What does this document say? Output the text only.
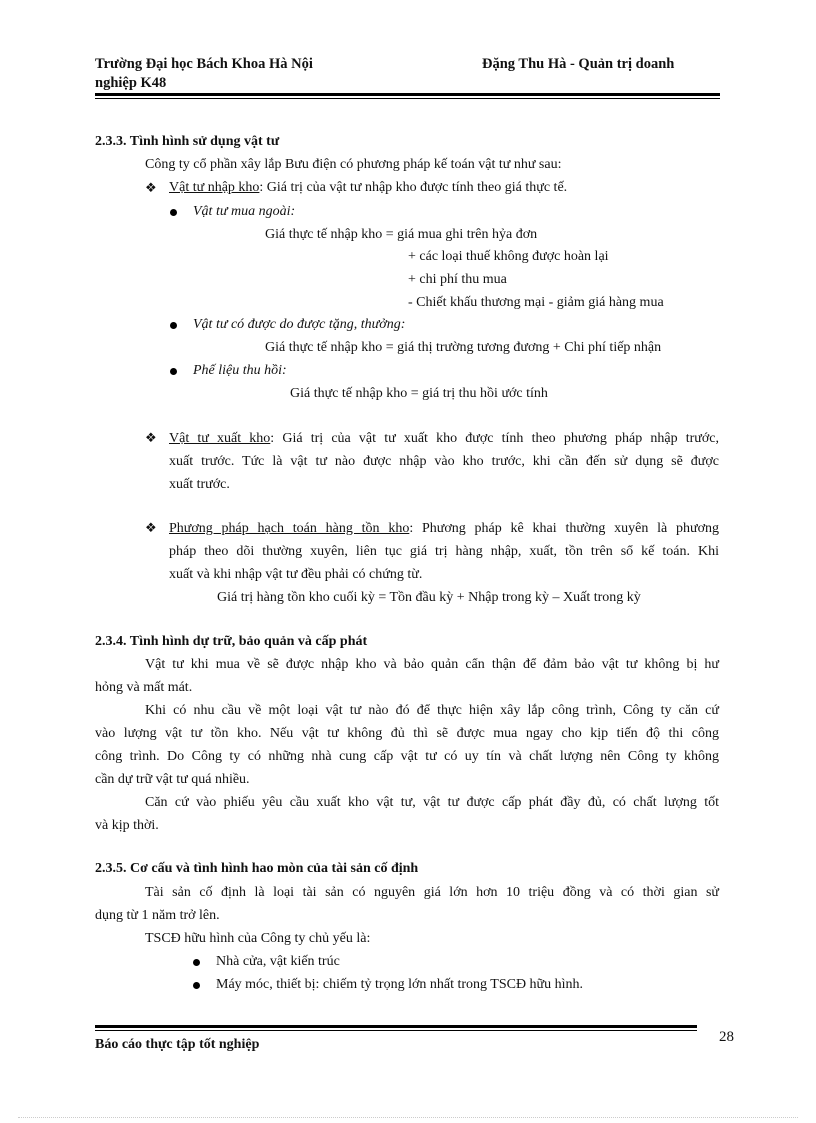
Trường Đại học Bách Khoa Hà Nội	Đặng Thu Hà - Quản trị doanh
nghiệp K48
2.3.3. Tình hình sử dụng vật tư
Công ty cổ phần xây lắp Bưu điện có phương pháp kế toán vật tư như sau:
❖ Vật tư nhập kho: Giá trị của vật tư nhập kho được tính theo giá thực tế.
Vật tư mua ngoài:
Giá thực tế nhập kho = giá mua ghi trên hỷa đơn
+ các loại thuế không được hoàn lại
+ chi phí thu mua
- Chiết khấu thương mại - giảm giá hàng mua
Vật tư có được do được tặng, thưởng:
Giá thực tế nhập kho = giá thị trường tương đương + Chi phí tiếp nhận
Phế liệu thu hồi:
Giá thực tế nhập kho = giá trị thu hồi ước tính
❖ Vật tư xuất kho: Giá trị của vật tư xuất kho được tính theo phương pháp nhập trước,
xuất trước. Tức là vật tư nào được nhập vào kho trước, khi cần đến sử dụng sẽ được
xuất trước.
❖ Phương pháp hạch toán hàng tồn kho: Phương pháp kê khai thường xuyên là phương
pháp theo dõi thường xuyên, liên tục giá trị hàng nhập, xuất, tồn trên sổ kế toán. Khi
xuất và khi nhập vật tư đều phải có chứng từ.
Giá trị hàng tồn kho cuối kỳ = Tồn đầu kỳ + Nhập trong kỳ – Xuất trong kỳ
2.3.4. Tình hình dự trữ, bảo quản và cấp phát
Vật tư khi mua về sẽ được nhập kho và bảo quản cẩn thận để đảm bảo vật tư không bị hư
hỏng và mất mát.
Khi có nhu cầu về một loại vật tư nào đó để thực hiện xây lắp công trình, Công ty căn cứ
vào lượng vật tư tồn kho. Nếu vật tư không đủ thì sẽ được mua ngay cho kịp tiến độ thi công
công trình. Do Công ty có những nhà cung cấp vật tư có uy tín và chất lượng nên Công ty không
cần dự trữ vật tư quá nhiều.
Căn cứ vào phiếu yêu cầu xuất kho vật tư, vật tư được cấp phát đầy đủ, có chất lượng tốt
và kịp thời.
2.3.5. Cơ cấu và tình hình hao mòn của tài sản cố định
Tài sản cố định là loại tài sản có nguyên giá lớn hơn 10 triệu đồng và có thời gian sử
dụng từ 1 năm trở lên.
TSCĐ hữu hình của Công ty chủ yếu là:
Nhà cửa, vật kiến trúc
Máy móc, thiết bị: chiếm tỷ trọng lớn nhất trong TSCĐ hữu hình.
28
Báo cáo thực tập tốt nghiệp
